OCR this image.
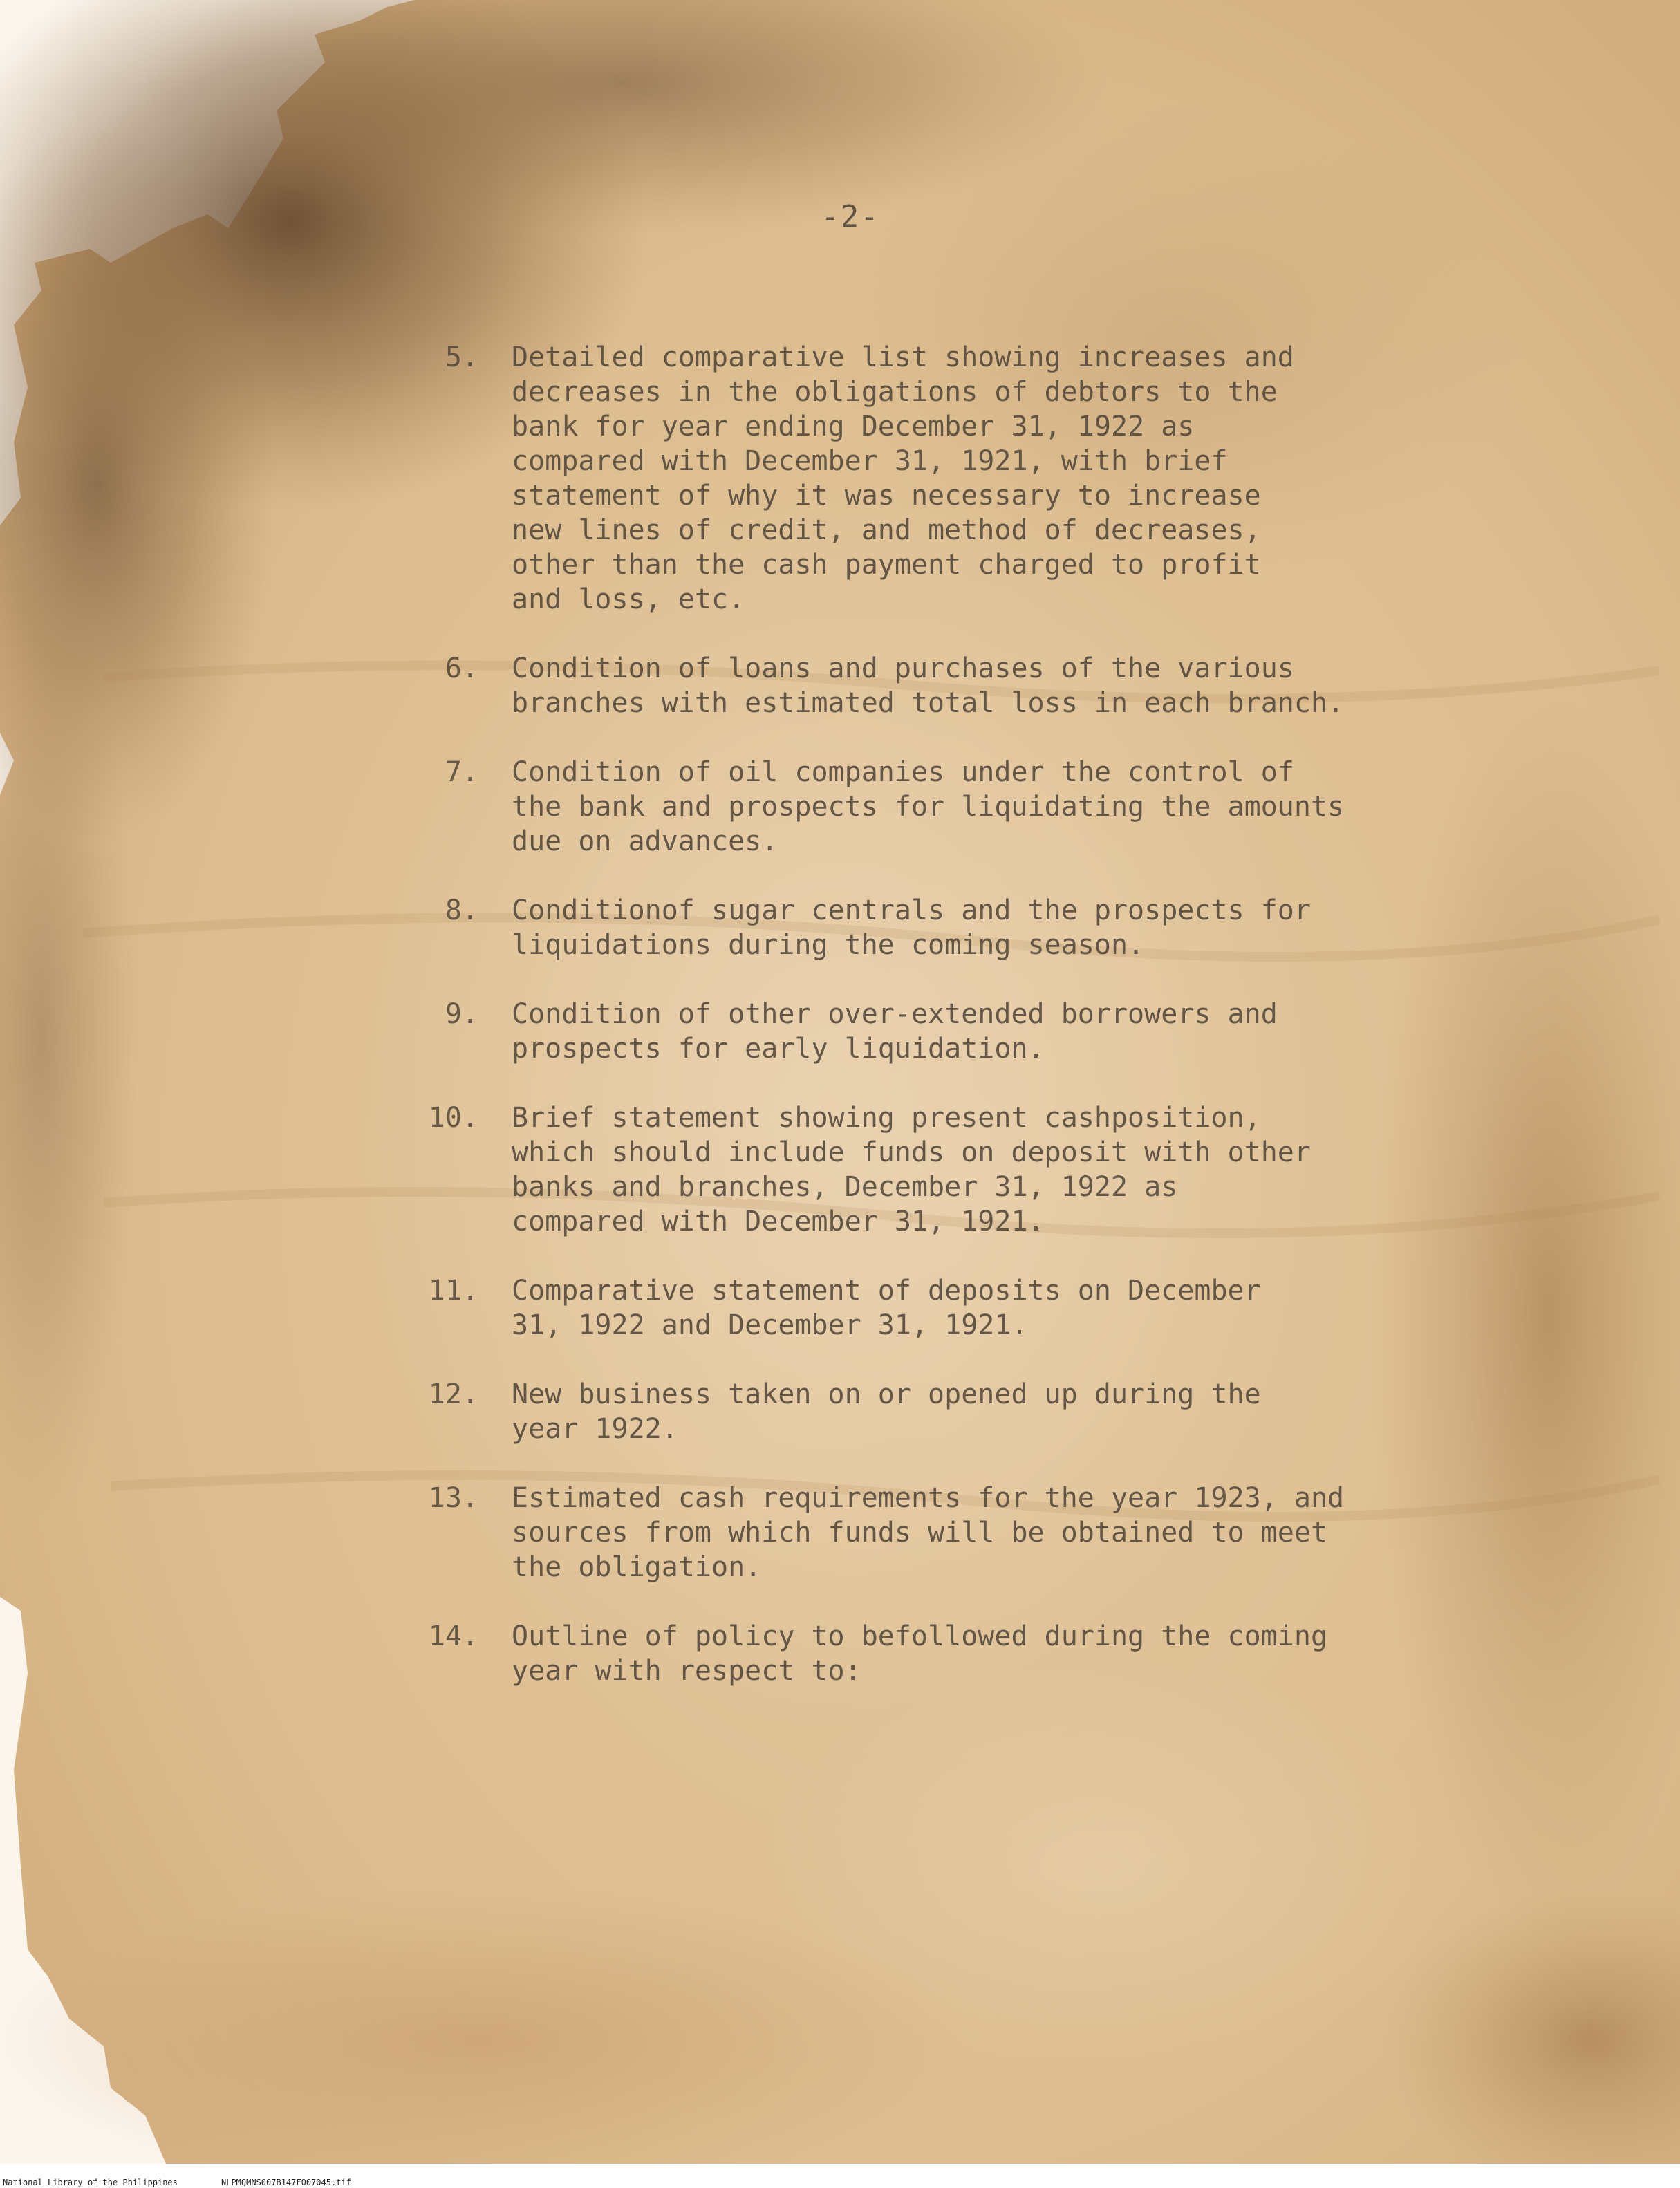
-2-
5. Detailed comparative list showing increases and
decreases in the obligations of debtors to the
bank for year ending December 31, 1922 as
compared with December 31, 1921, with brief
statement of why it was necessary to increase
new lines of credit, and method of decreases,
other than the cash payment charged to profit
and loss, etc.
6. Condition of loans and purchases of the various
branches with estimated total loss in each branch.
7. Condition of oil companies under the control of
the bank and prospects for liquidating the amounts
due on advances.
8. Conditionof sugar centrals and the prospects for
liquidations during the coming season.
9. Condition of other over-extended borrowers and
prospects for early liquidation.
10. Brief statement showing present cashposition,
which should include funds on deposit with other
banks and branches, December 31, 1922 as
compared with December 31, 1921.
11. Comparative statement of deposits on December
31, 1922 and December 31, 1921.
12. New business taken on or opened up during the
year 1922.
13. Estimated cash requirements for the year 1923, and
sources from which funds will be obtained to meet
the obligation.
14. Outline of policy to befollowed during the coming
year with respect to:
National Library of the Philippines	NLPMQMNS007B147F007045.tif
